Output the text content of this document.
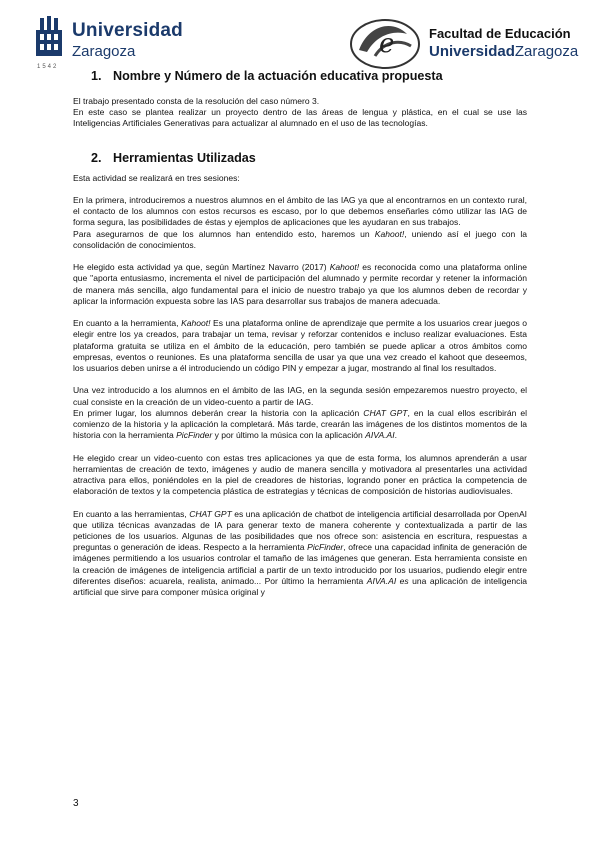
Universidad
Zaragoza
1542
e	Facultad de Educación
UniversidadZaragoza
1. Nombre y Número de la actuación educativa propuesta

El trabajo presentado consta de la resolución del caso número 3.

En este caso se plantea realizar un proyecto dentro de las áreas de lengua y plástica, en el cual se use las Inteligencias Artificiales Generativas para actualizar al alumnado en el uso de las tecnologías.

2. Herramientas Utilizadas

Esta actividad se realizará en tres sesiones:

En la primera, introduciremos a nuestros alumnos en el ámbito de las IAG ya que al encontrarnos en un contexto rural, el contacto de los alumnos con estos recursos es escaso, por lo que debemos enseñarles cómo utilizar las IAG de forma segura, las posibilidades de éstas y ejemplos de aplicaciones que les ayudaran en sus trabajos.

Para asegurarnos de que los alumnos han entendido esto, haremos un Kahoot!, uniendo así el juego con la consolidación de conocimientos.

He elegido esta actividad ya que, según Martínez Navarro (2017) Kahoot! es reconocida como una plataforma online que "aporta entusiasmo, incrementa el nivel de participación del alumnado y permite recordar y retener la información de manera más sencilla, algo fundamental para el inicio de nuestro trabajo ya que los alumnos deben de recordar y aplicar la información expuesta sobre las IAS para desarrollar sus trabajos de manera adecuada.

En cuanto a la herramienta, Kahoot! Es una plataforma online de aprendizaje que permite a los usuarios crear juegos o elegir entre los ya creados, para trabajar un tema, revisar y reforzar contenidos e incluso realizar evaluaciones. Esta plataforma gratuita se utiliza en el ámbito de la educación, pero también se puede aplicar a otros ámbitos como empresas, eventos o reuniones. Es una plataforma sencilla de usar ya que una vez creado el kahoot que deseemos, los usuarios deben unirse a él introduciendo un código PIN y empezar a jugar, mostrando al final los resultados.

Una vez introducido a los alumnos en el ámbito de las IAG, en la segunda sesión empezaremos nuestro proyecto, el cual consiste en la creación de un video-cuento a partir de IAG.

En primer lugar, los alumnos deberán crear la historia con la aplicación CHAT GPT, en la cual ellos escribirán el comienzo de la historia y la aplicación la completará. Más tarde, crearán las imágenes de los distintos momentos de la historia con la herramienta PicFinder y por último la música con la aplicación AIVA.AI.

He elegido crear un video-cuento con estas tres aplicaciones ya que de esta forma, los alumnos aprenderán a usar herramientas de creación de texto, imágenes y audio de manera sencilla y motivadora al presentarles una actividad atractiva para ellos, poniéndoles en la piel de creadores de historias, logrando poner en práctica la competencia de elaboración de textos y la competencia plástica de estrategias y técnicas de composición de historias audiovisuales.

En cuanto a las herramientas, CHAT GPT es una aplicación de chatbot de inteligencia artificial desarrollada por OpenAI que utiliza técnicas avanzadas de IA para generar texto de manera coherente y contextualizada a partir de las peticiones de los usuarios. Algunas de las posibilidades que nos ofrece son: asistencia en escritura, respuestas a preguntas o generación de ideas. Respecto a la herramienta PicFinder, ofrece una capacidad infinita de generación de imágenes permitiendo a los usuarios controlar el tamaño de las imágenes que generan. Esta herramienta consiste en la creación de imágenes de inteligencia artificial a partir de un texto introducido por los usuarios, pudiendo elegir entre diferentes diseños: acuarela, realista, animado... Por último la herramienta AIVA.AI es una aplicación de inteligencia artificial que sirve para componer música original y

3
